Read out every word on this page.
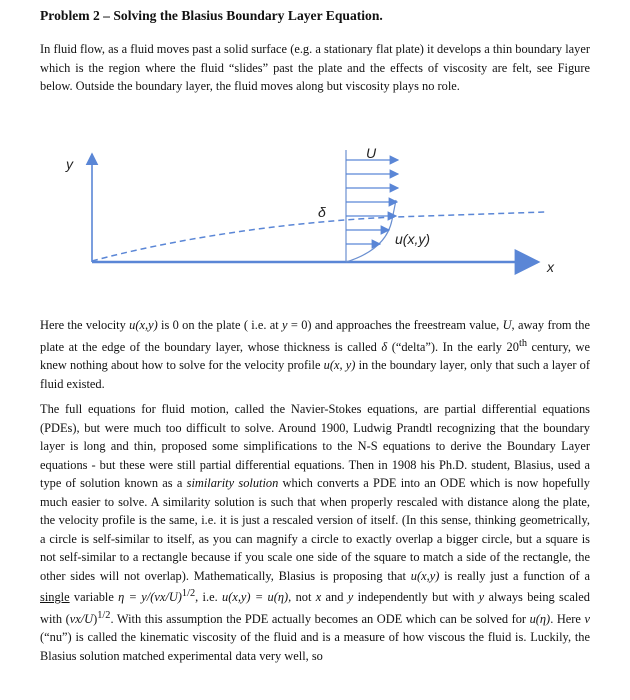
Problem 2 – Solving the Blasius Boundary Layer Equation.

In fluid flow, as a fluid moves past a solid surface (e.g. a stationary flat plate) it develops a thin boundary layer which is the region where the fluid “slides” past the plate and the effects of viscosity are felt, see Figure below. Outside the boundary layer, the fluid moves along but viscosity plays no role.

y
x
U
δ
u(x,y)

Here the velocity u(x,y) is 0 on the plate ( i.e. at y = 0) and approaches the freestream value, U, away from the plate at the edge of the boundary layer, whose thickness is called δ (“delta”). In the early 20th century, we knew nothing about how to solve for the velocity profile u(x, y) in the boundary layer, only that such a layer of fluid existed.

The full equations for fluid motion, called the Navier-Stokes equations, are partial differential equations (PDEs), but were much too difficult to solve. Around 1900, Ludwig Prandtl recognizing that the boundary layer is long and thin, proposed some simplifications to the N-S equations to derive the Boundary Layer equations - but these were still partial differential equations. Then in 1908 his Ph.D. student, Blasius, used a type of solution known as a similarity solution which converts a PDE into an ODE which is now hopefully much easier to solve. A similarity solution is such that when properly rescaled with distance along the plate, the velocity profile is the same, i.e. it is just a rescaled version of itself. (In this sense, thinking geometrically, a circle is self-similar to itself, as you can magnify a circle to exactly overlap a bigger circle, but a square is not self-similar to a rectangle because if you scale one side of the square to match a side of the rectangle, the other sides will not overlap). Mathematically, Blasius is proposing that u(x,y) is really just a function of a single variable $\eta = y/(\nu x/U)^{1/2}$, i.e. u(x,y) = u(η), not x and y independently but with y always being scaled with $(\nu x/U)^{1/2}$. With this assumption the PDE actually becomes an ODE which can be solved for u(η). Here ν (“nu”) is called the kinematic viscosity of the fluid and is a measure of how viscous the fluid is. Luckily, the Blasius solution matched experimental data very well, so
